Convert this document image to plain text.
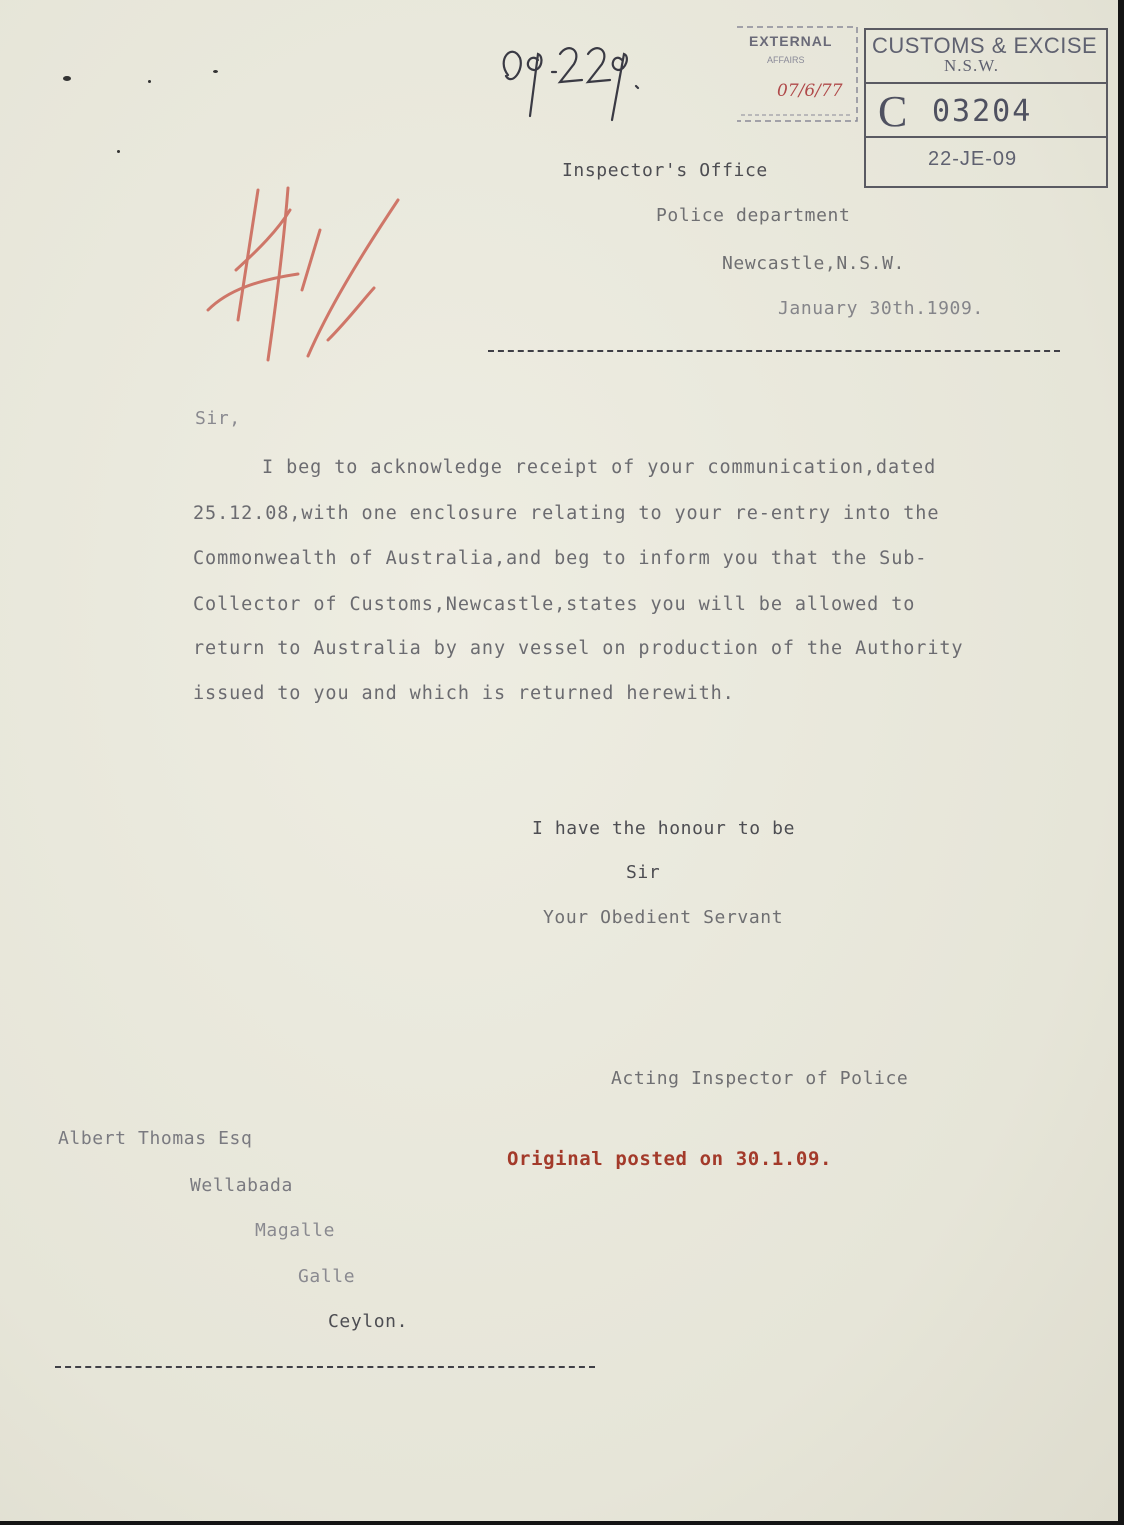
EXTERNAL
AFFAIRS
07/6/77
CUSTOMS & EXCISE
N.S.W.
C 03204
22-JE-09
Inspector's Office
Police department
Newcastle,N.S.W.
January 30th.1909.
Sir,
I beg to acknowledge receipt of your communication,dated
25.12.08,with one enclosure relating to your re-entry into the
Commonwealth of Australia,and beg to inform you that the Sub-
Collector of Customs,Newcastle,states you will be allowed to
return to Australia by any vessel on production of the Authority
issued to you and which is returned herewith.
I have the honour to be
Sir
Your Obedient Servant
Acting Inspector of Police
Original posted on 30.1.09.
Albert Thomas Esq
Wellabada
Magalle
Galle
Ceylon.
